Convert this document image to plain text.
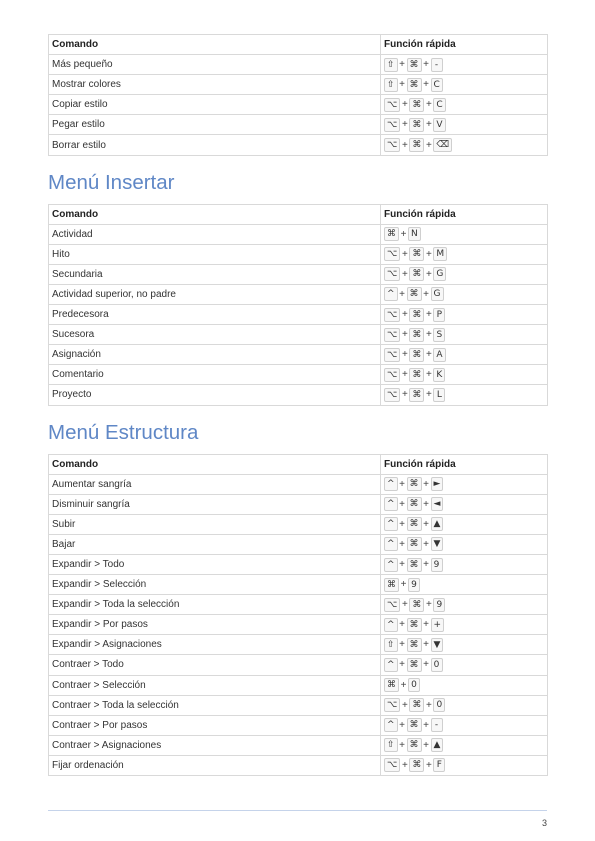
Comando	Función rápida
Más pequeño	⇧ + ⌘ + -

Mostrar colores	⇧ + ⌘ + C

Copiar estilo	⌥ + ⌘ + C

Pegar estilo	⌥ + ⌘ + V

Borrar estilo	⌥ + ⌘ + ⌫
Menú Insertar
Comando	Función rápida
Actividad	⌘ + N

Hito	⌥ + ⌘ + M

Secundaria	⌥ + ⌘ + G

Actividad superior, no padre	^ + ⌘ + G

Predecesora	⌥ + ⌘ + P

Sucesora	⌥ + ⌘ + S

Asignación	⌥ + ⌘ + A

Comentario	⌥ + ⌘ + K

Proyecto	⌥ + ⌘ + L
Menú Estructura
Comando	Función rápida
Aumentar sangría	^ + ⌘ + ►

Disminuir sangría	^ + ⌘ + ◄

Subir	^ + ⌘ + ▲

Bajar	^ + ⌘ + ▼

Expandir > Todo	^ + ⌘ + 9

Expandir > Selección	⌘ + 9

Expandir > Toda la selección	⌥ + ⌘ + 9

Expandir > Por pasos	^ + ⌘ + +

Expandir > Asignaciones	⇧ + ⌘ + ▼

Contraer > Todo	^ + ⌘ + 0

Contraer > Selección	⌘ + 0

Contraer > Toda la selección	⌥ + ⌘ + 0

Contraer > Por pasos	^ + ⌘ + -

Contraer > Asignaciones	⇧ + ⌘ + ▲

Fijar ordenación	⌥ + ⌘ + F
3
